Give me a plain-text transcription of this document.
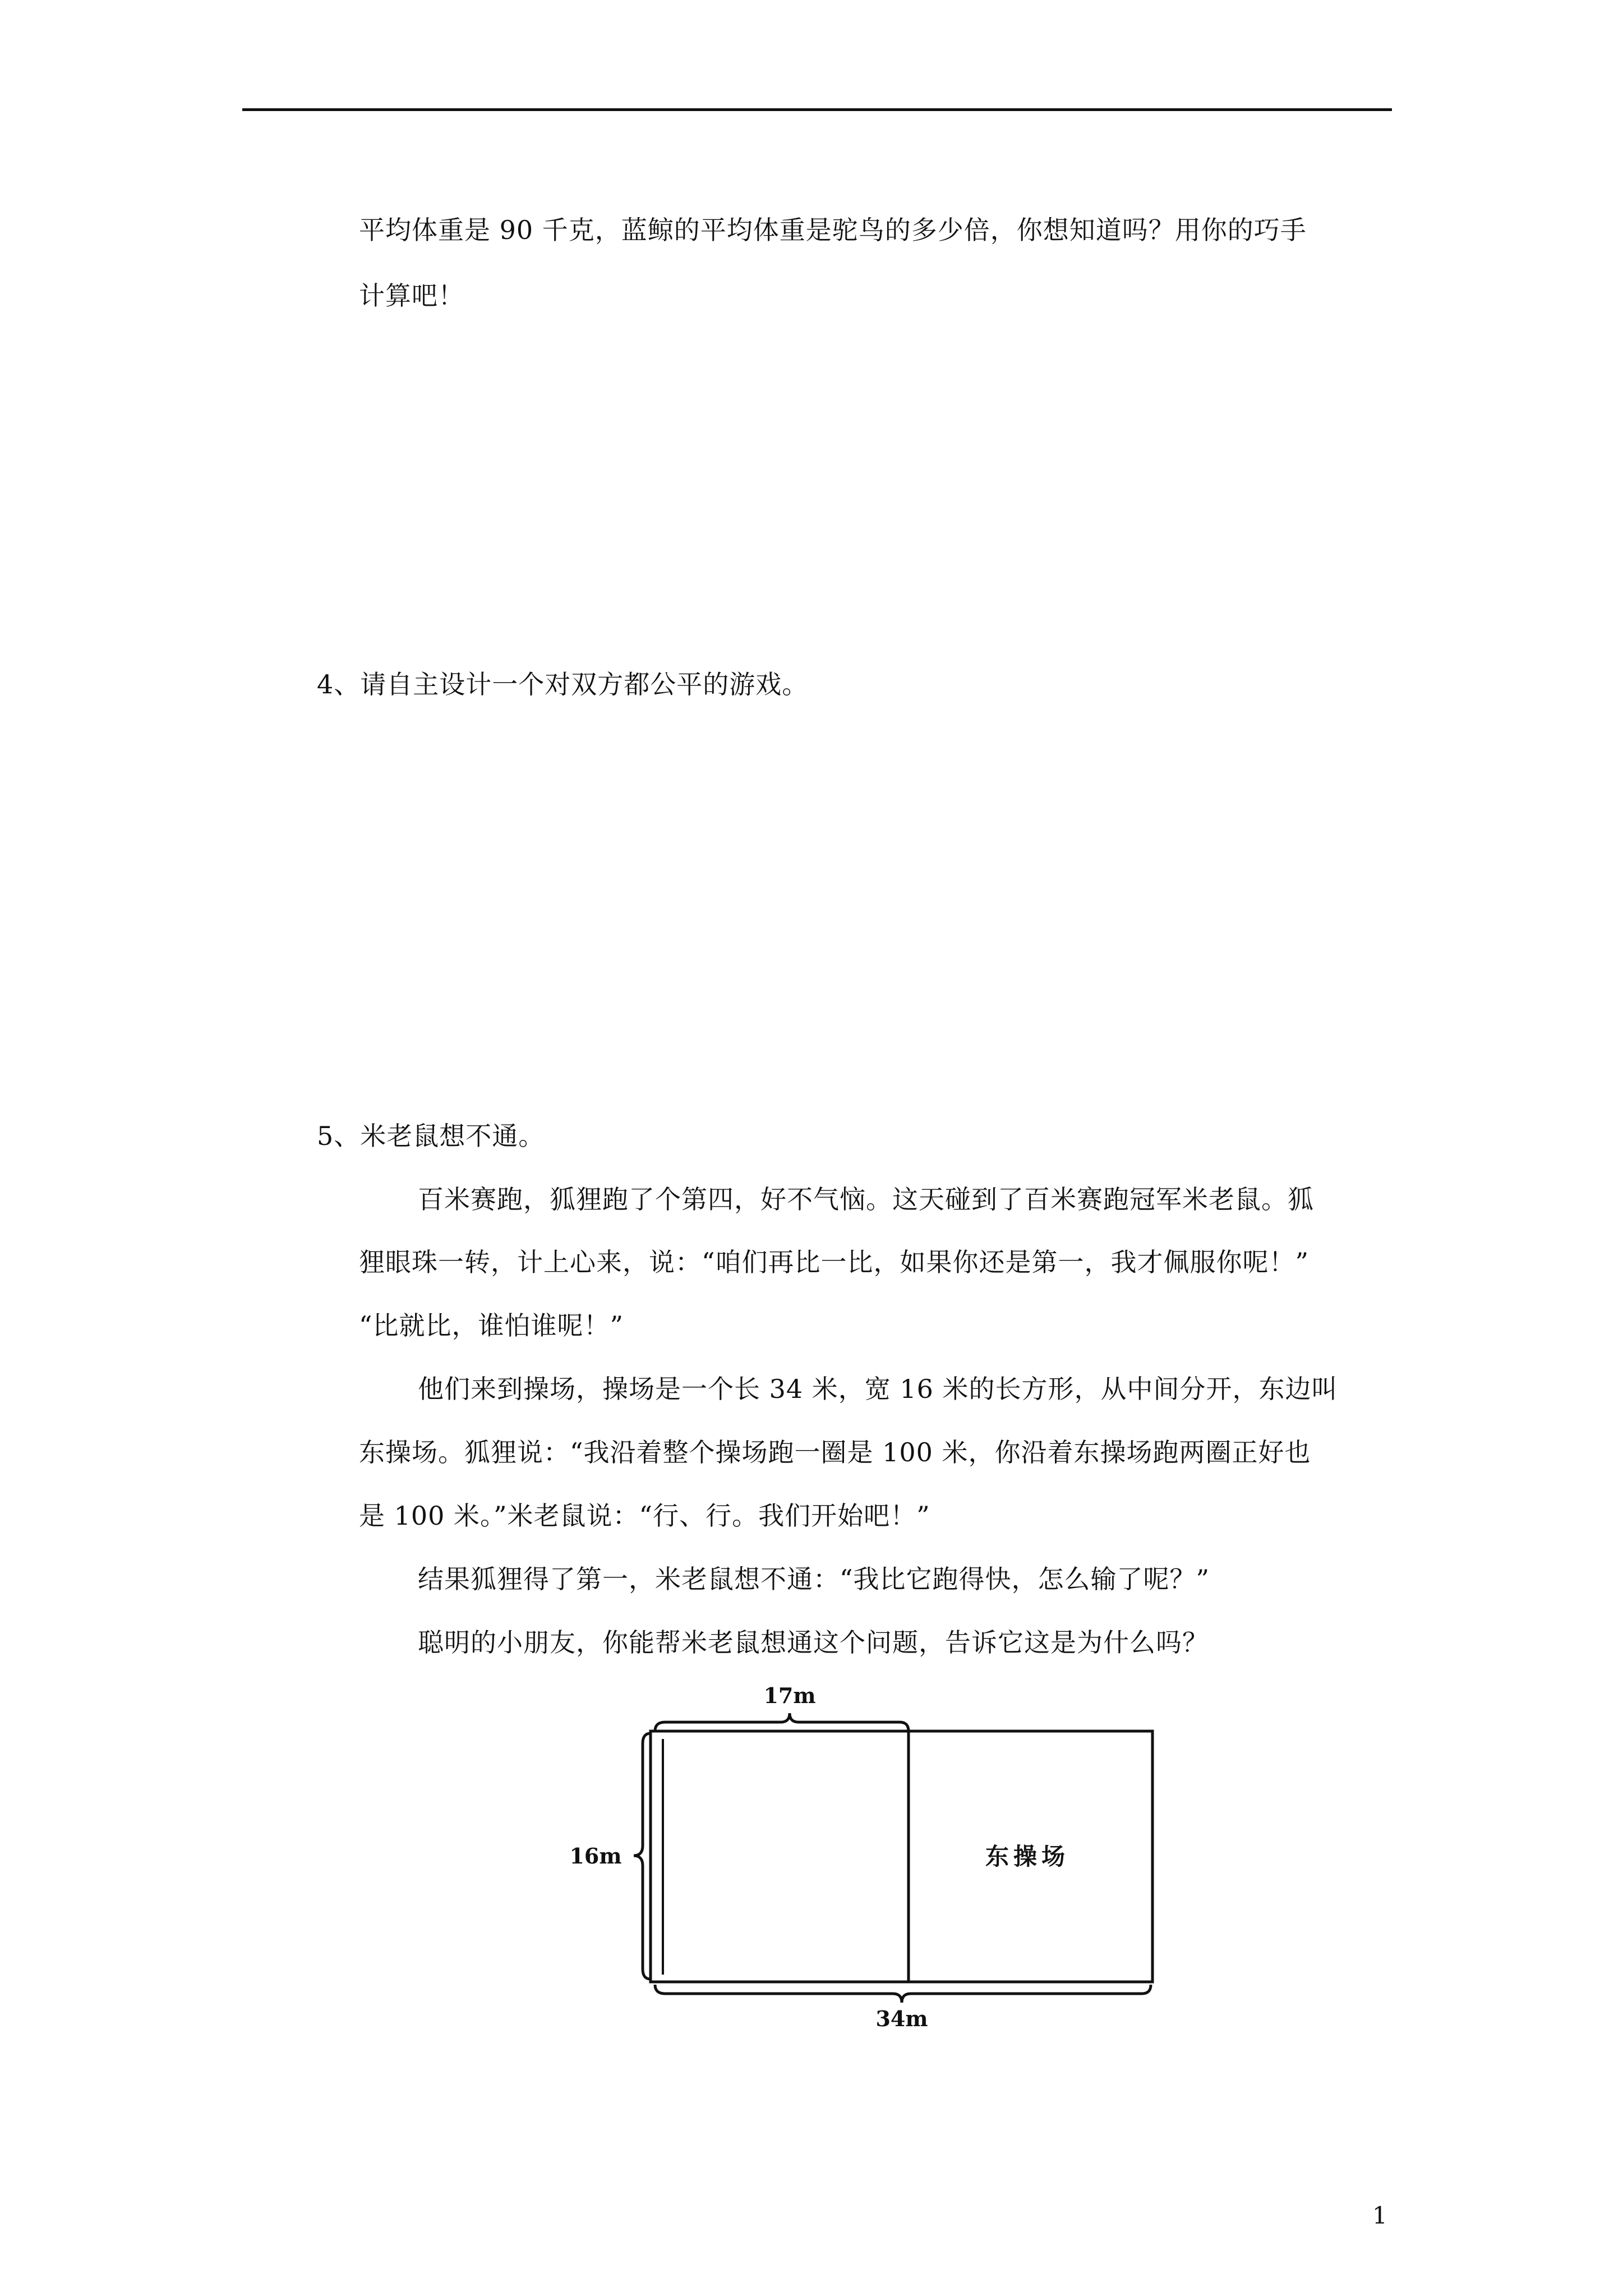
平均体重是 90 千克，蓝鲸的平均体重是驼鸟的多少倍，你想知道吗？用你的巧手
计算吧！
4、请自主设计一个对双方都公平的游戏。
5、米老鼠想不通。
百米赛跑，狐狸跑了个第四，好不气恼。这天碰到了百米赛跑冠军米老鼠。狐
狸眼珠一转，计上心来，说：“咱们再比一比，如果你还是第一，我才佩服你呢！”
“比就比，谁怕谁呢！”
他们来到操场，操场是一个长 34 米，宽 16 米的长方形，从中间分开，东边叫
东操场。狐狸说：“我沿着整个操场跑一圈是 100 米，你沿着东操场跑两圈正好也
是 100 米。”米老鼠说：“行、行。我们开始吧！”
结果狐狸得了第一，米老鼠想不通：“我比它跑得快，怎么输了呢？”
聪明的小朋友，你能帮米老鼠想通这个问题，告诉它这是为什么吗？
17m
16m	东操场
34m
1
